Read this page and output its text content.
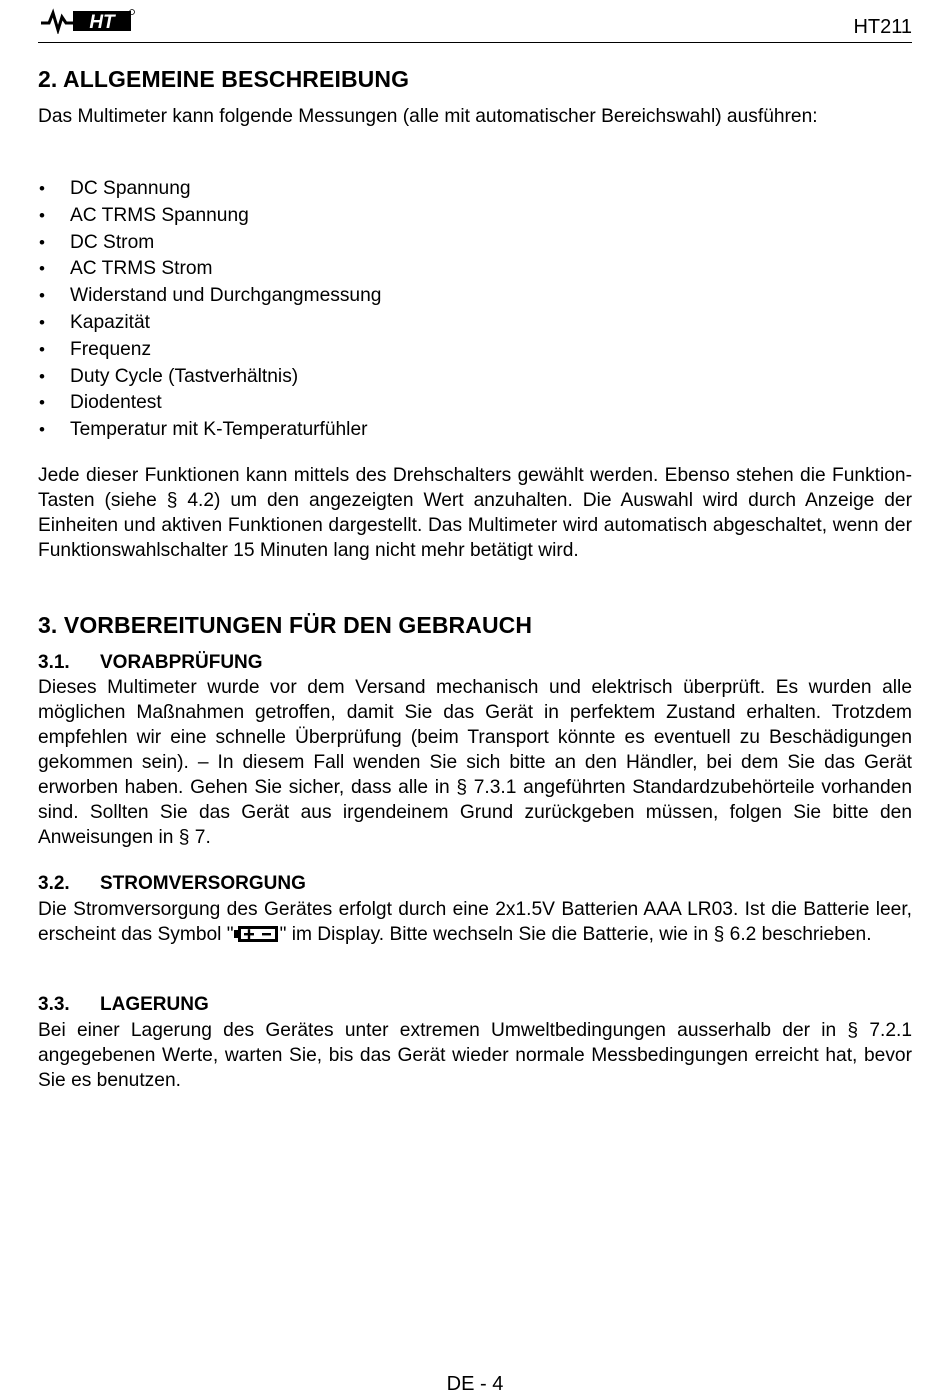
HT	HT211
2. ALLGEMEINE BESCHREIBUNG

Das Multimeter kann folgende Messungen (alle mit automatischer Bereichswahl) ausführen:

• DC Spannung
• AC TRMS Spannung
• DC Strom
• AC TRMS Strom
• Widerstand und Durchgangmessung
• Kapazität
• Frequenz
• Duty Cycle (Tastverhältnis)
• Diodentest
• Temperatur mit K-Temperaturfühler

Jede dieser Funktionen kann mittels des Drehschalters gewählt werden. Ebenso stehen die Funktion-Tasten (siehe § 4.2) um den angezeigten Wert anzuhalten. Die Auswahl wird durch Anzeige der Einheiten und aktiven Funktionen dargestellt. Das Multimeter wird automatisch abgeschaltet, wenn der Funktionswahlschalter 15 Minuten lang nicht mehr betätigt wird.

3. VORBEREITUNGEN FÜR DEN GEBRAUCH
3.1. VORABPRÜFUNG

Dieses Multimeter wurde vor dem Versand mechanisch und elektrisch überprüft. Es wurden alle möglichen Maßnahmen getroffen, damit Sie das Gerät in perfektem Zustand erhalten. Trotzdem empfehlen wir eine schnelle Überprüfung (beim Transport könnte es eventuell zu Beschädigungen gekommen sein). – In diesem Fall wenden Sie sich bitte an den Händler, bei dem Sie das Gerät erworben haben. Gehen Sie sicher, dass alle in § 7.3.1 angeführten Standardzubehörteile vorhanden sind. Sollten Sie das Gerät aus irgendeinem Grund zurückgeben müssen, folgen Sie bitte den Anweisungen in § 7.

3.2. STROMVERSORGUNG

Die Stromversorgung des Gerätes erfolgt durch eine 2x1.5V Batterien AAA LR03. Ist die Batterie leer, erscheint das Symbol " " im Display. Bitte wechseln Sie die Batterie, wie in § 6.2 beschrieben.

3.3. LAGERUNG

Bei einer Lagerung des Gerätes unter extremen Umweltbedingungen ausserhalb der in § 7.2.1 angegebenen Werte, warten Sie, bis das Gerät wieder normale Messbedingungen erreicht hat, bevor Sie es benutzen.

DE - 4
